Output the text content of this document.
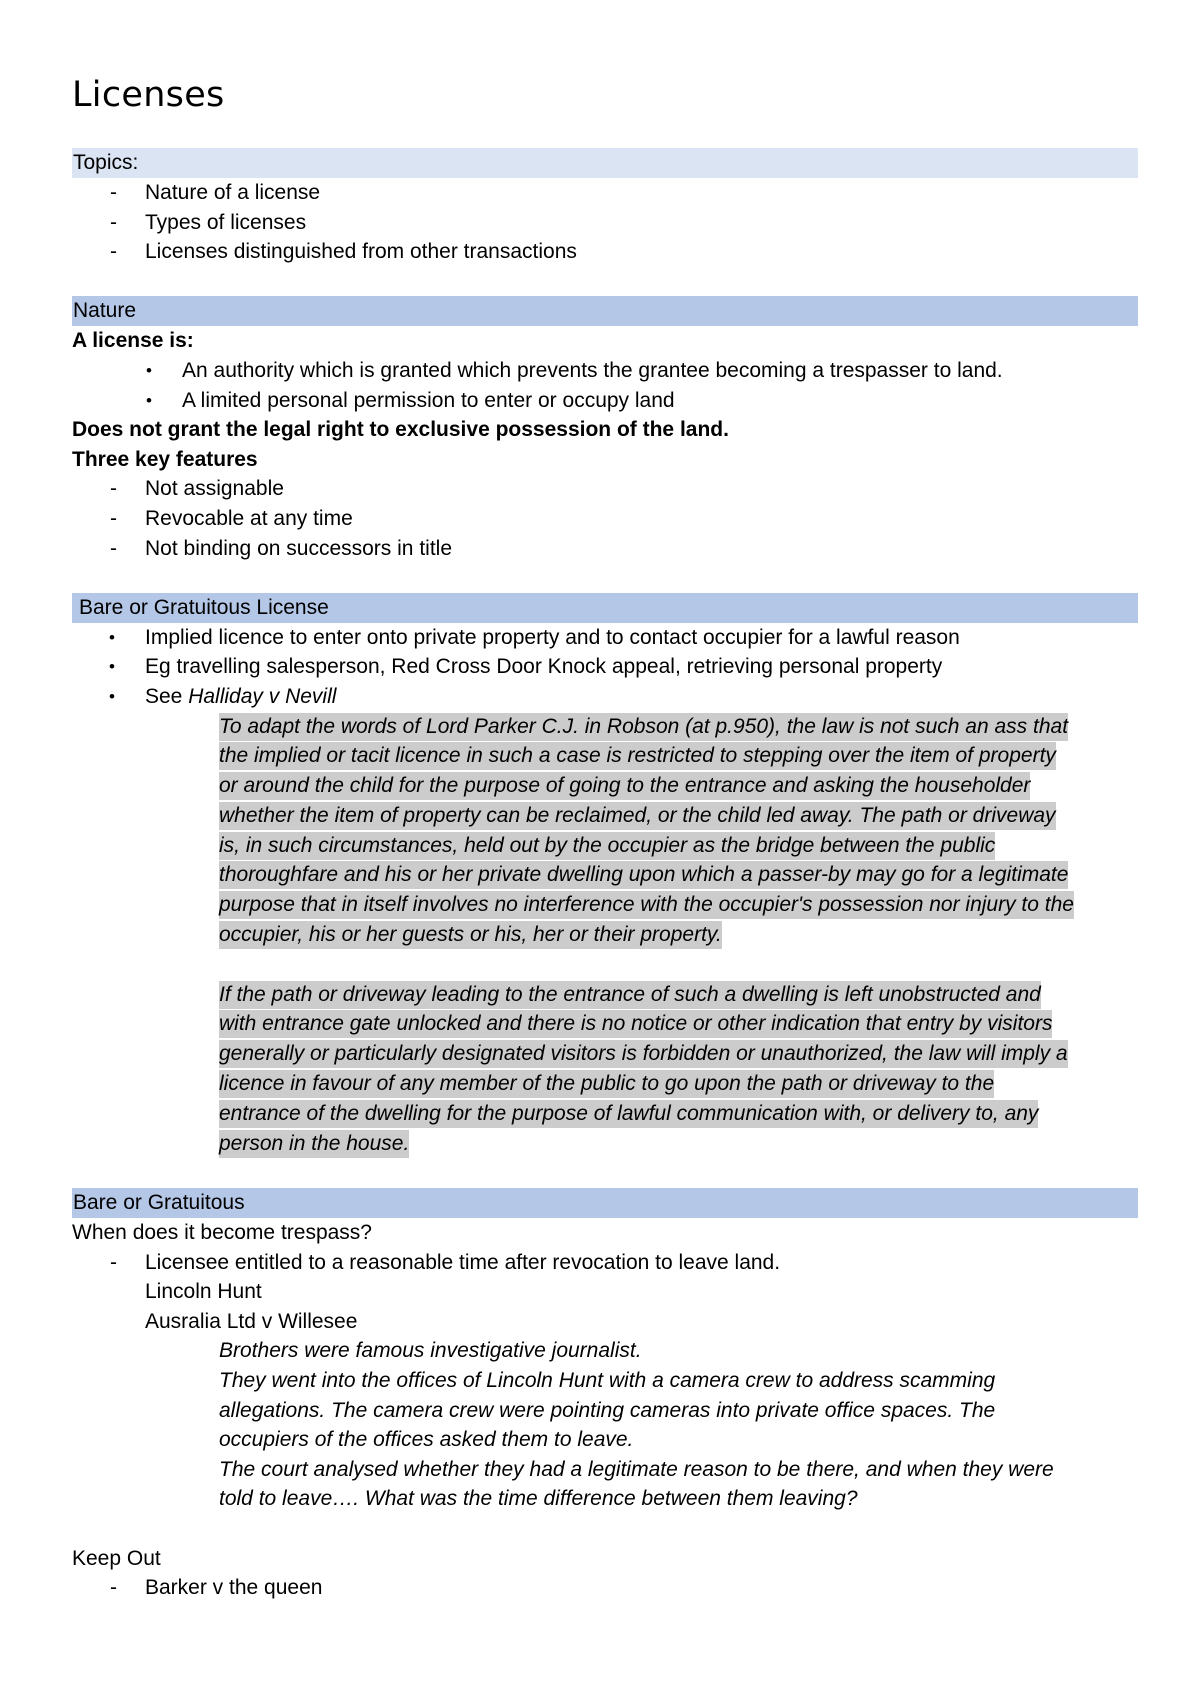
Licenses
Topics:
- Nature of a license
- Types of licenses
- Licenses distinguished from other transactions
Nature
A license is:
• An authority which is granted which prevents the grantee becoming a trespasser to land.
• A limited personal permission to enter or occupy land
Does not grant the legal right to exclusive possession of the land.
Three key features
- Not assignable
- Revocable at any time
- Not binding on successors in title
Bare or Gratuitous License
• Implied licence to enter onto private property and to contact occupier for a lawful reason
• Eg travelling salesperson, Red Cross Door Knock appeal, retrieving personal property
• See Halliday v Nevill
To adapt the words of Lord Parker C.J. in Robson (at p.950), the law is not such an ass that
the implied or tacit licence in such a case is restricted to stepping over the item of property
or around the child for the purpose of going to the entrance and asking the householder
whether the item of property can be reclaimed, or the child led away. The path or driveway
is, in such circumstances, held out by the occupier as the bridge between the public
thoroughfare and his or her private dwelling upon which a passer-by may go for a legitimate
purpose that in itself involves no interference with the occupier's possession nor injury to the
occupier, his or her guests or his, her or their property.
If the path or driveway leading to the entrance of such a dwelling is left unobstructed and
with entrance gate unlocked and there is no notice or other indication that entry by visitors
generally or particularly designated visitors is forbidden or unauthorized, the law will imply a
licence in favour of any member of the public to go upon the path or driveway to the
entrance of the dwelling for the purpose of lawful communication with, or delivery to, any
person in the house.
Bare or Gratuitous
When does it become trespass?
- Licensee entitled to a reasonable time after revocation to leave land.
Lincoln Hunt
Ausralia Ltd v Willesee
Brothers were famous investigative journalist.
They went into the offices of Lincoln Hunt with a camera crew to address scamming
allegations. The camera crew were pointing cameras into private office spaces. The
occupiers of the offices asked them to leave.
The court analysed whether they had a legitimate reason to be there, and when they were
told to leave…. What was the time difference between them leaving?
Keep Out
- Barker v the queen
